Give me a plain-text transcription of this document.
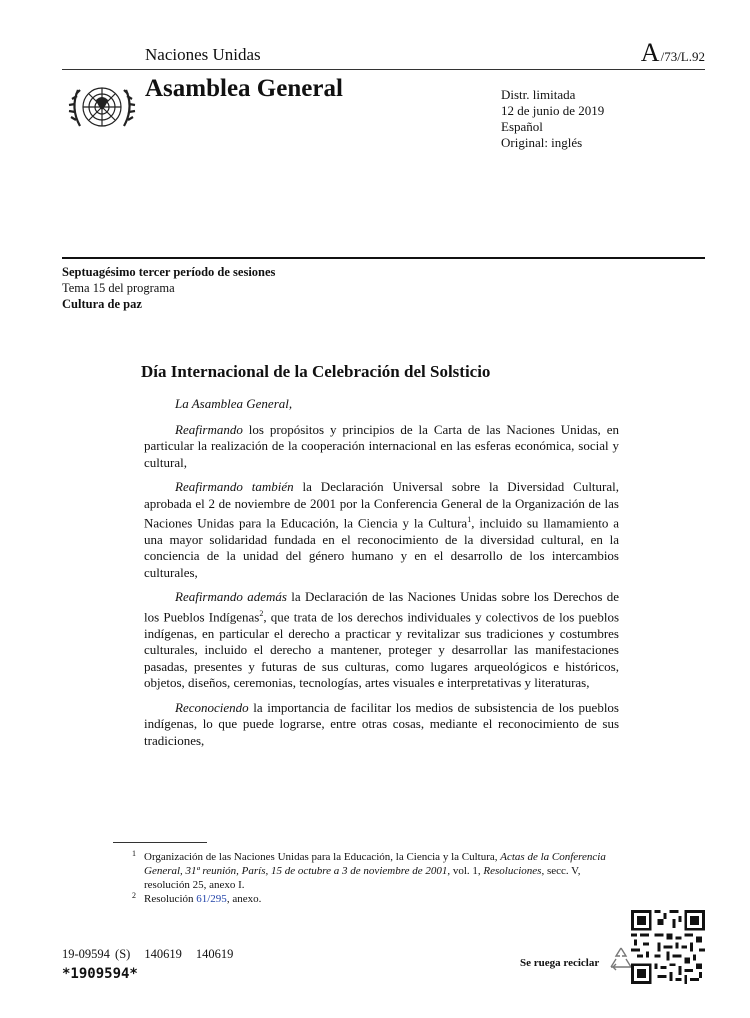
Naciones Unidas	A/73/L.92
Asamblea General	Distr. limitada
12 de junio de 2019
Español
Original: inglés
Septuagésimo tercer período de sesiones
Tema 15 del programa
Cultura de paz
Día Internacional de la Celebración del Solsticio

La Asamblea General,

Reafirmando los propósitos y principios de la Carta de las Naciones Unidas, en particular la realización de la cooperación internacional en las esferas económica, social y cultural,

Reafirmando también la Declaración Universal sobre la Diversidad Cultural, aprobada el 2 de noviembre de 2001 por la Conferencia General de la Organización de las Naciones Unidas para la Educación, la Ciencia y la Cultura$^1$, incluido su llamamiento a una mayor solidaridad fundada en el reconocimiento de la diversidad cultural, en la conciencia de la unidad del género humano y en el desarrollo de los intercambios culturales,

Reafirmando además la Declaración de las Naciones Unidas sobre los Derechos de los Pueblos Indígenas$^2$, que trata de los derechos individuales y colectivos de los pueblos indígenas, en particular el derecho a practicar y revitalizar sus tradiciones y costumbres culturales, incluido el derecho a mantener, proteger y desarrollar las manifestaciones pasadas, presentes y futuras de sus culturas, como lugares arqueológicos e históricos, objetos, diseños, ceremonias, tecnologías, artes visuales e interpretativas y literaturas,

Reconociendo la importancia de facilitar los medios de subsistencia de los pueblos indígenas, lo que puede lograrse, entre otras cosas, mediante el reconocimiento de sus tradiciones,

1 Organización de las Naciones Unidas para la Educación, la Ciencia y la Cultura, Actas de la Conferencia General, 31ª reunión, París, 15 de octubre a 3 de noviembre de 2001, vol. 1, Resoluciones, secc. V, resolución 25, anexo I.
2 Resolución 61/295, anexo.
19-09594 (S) 140619 140619
*1909594*
Se ruega reciclar
